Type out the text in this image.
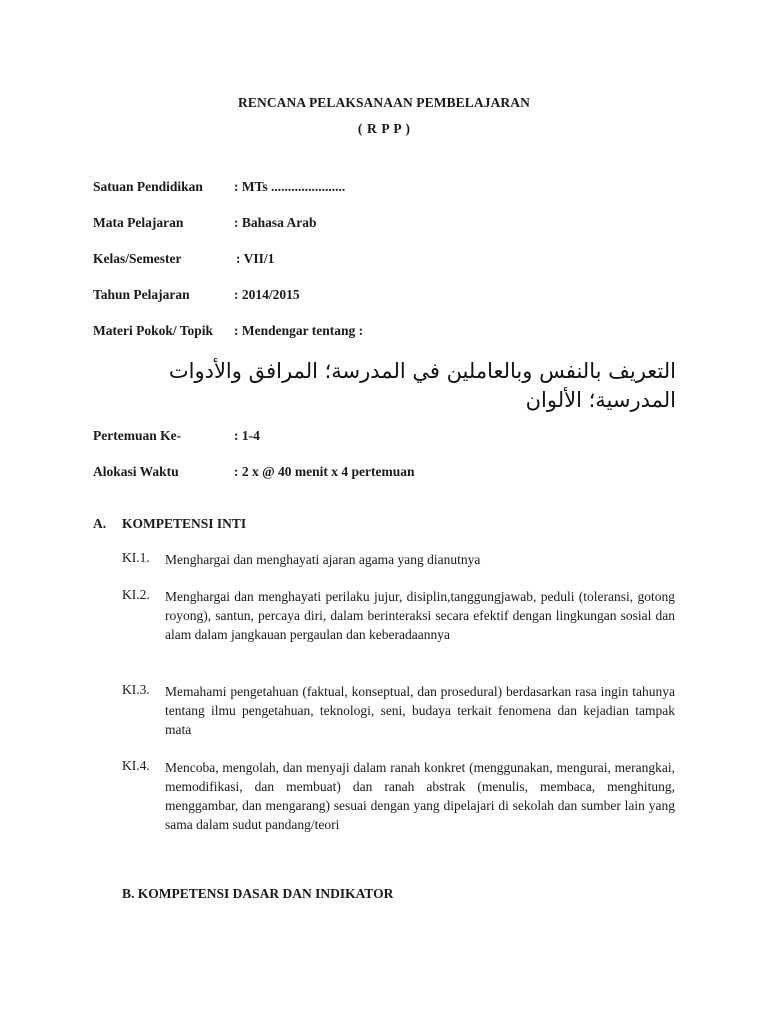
RENCANA PELAKSANAAN PEMBELAJARAN
( R P P )
Satuan Pendidikan : MTs ......................
Mata Pelajaran	: Bahasa Arab
Kelas/Semester	: VII/1
Tahun Pelajaran	: 2014/2015
Materi Pokok/ Topik : Mendengar tentang :
التعريف بالنفس وبالعاملين في المدرسة؛ المرافق والأدوات المدرسية؛ الألوان
Pertemuan Ke-	: 1-4
Alokasi Waktu	: 2 x @ 40 menit x 4 pertemuan
A. KOMPETENSI INTI
KI.1. Menghargai dan menghayati ajaran agama yang dianutnya
KI.2. Menghargai dan menghayati perilaku jujur, disiplin,tanggungjawab, peduli (toleransi, gotong royong), santun, percaya diri, dalam berinteraksi secara efektif dengan lingkungan sosial dan alam dalam jangkauan pergaulan dan keberadaannya
KI.3. Memahami pengetahuan (faktual, konseptual, dan prosedural) berdasarkan rasa ingin tahunya tentang ilmu pengetahuan, teknologi, seni, budaya terkait fenomena dan kejadian tampak mata
KI.4. Mencoba, mengolah, dan menyaji dalam ranah konkret (menggunakan, mengurai, merangkai, memodifikasi, dan membuat) dan ranah abstrak (menulis, membaca, menghitung, menggambar, dan mengarang) sesuai dengan yang dipelajari di sekolah dan sumber lain yang sama dalam sudut pandang/teori
B. KOMPETENSI DASAR DAN INDIKATOR
